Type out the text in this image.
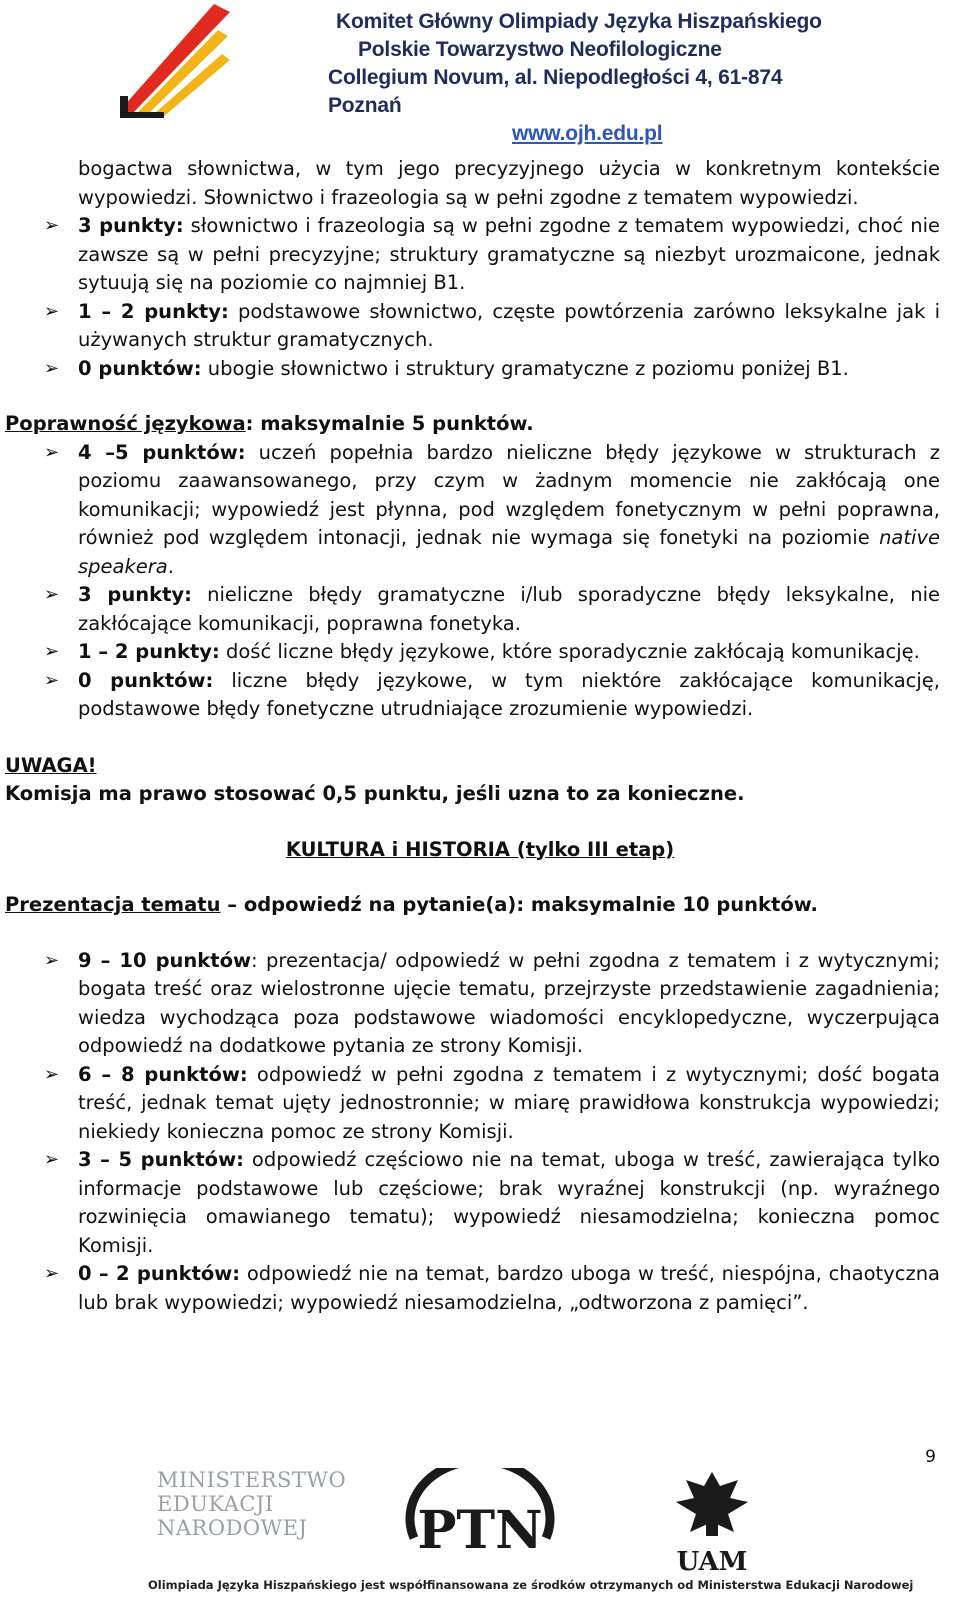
Komitet Główny Olimpiady Języka Hiszpańskiego
Polskie Towarzystwo Neofilologiczne
Collegium Novum, al. Niepodległości 4, 61-874 Poznań
www.ojh.edu.pl

bogactwa słownictwa, w tym jego precyzyjnego użycia w konkretnym kontekście wypowiedzi. Słownictwo i frazeologia są w pełni zgodne z tematem wypowiedzi.

➢ 3 punkty: słownictwo i frazeologia są w pełni zgodne z tematem wypowiedzi, choć nie zawsze są w pełni precyzyjne; struktury gramatyczne są niezbyt urozmaicone, jednak sytuują się na poziomie co najmniej B1.
➢ 1 – 2 punkty: podstawowe słownictwo, częste powtórzenia zarówno leksykalne jak i używanych struktur gramatycznych.
➢ 0 punktów: ubogie słownictwo i struktury gramatyczne z poziomu poniżej B1.
Poprawność językowa: maksymalnie 5 punktów.
➢ 4 –5 punktów: uczeń popełnia bardzo nieliczne błędy językowe w strukturach z poziomu zaawansowanego, przy czym w żadnym momencie nie zakłócają one komunikacji; wypowiedź jest płynna, pod względem fonetycznym w pełni poprawna, również pod względem intonacji, jednak nie wymaga się fonetyki na poziomie native speakera.
➢ 3 punkty: nieliczne błędy gramatyczne i/lub sporadyczne błędy leksykalne, nie zakłócające komunikacji, poprawna fonetyka.
➢ 1 – 2 punkty: dość liczne błędy językowe, które sporadycznie zakłócają komunikację.
➢ 0 punktów: liczne błędy językowe, w tym niektóre zakłócające komunikację, podstawowe błędy fonetyczne utrudniające zrozumienie wypowiedzi.
UWAGA!
Komisja ma prawo stosować 0,5 punktu, jeśli uzna to za konieczne.
KULTURA i HISTORIA (tylko III etap)
Prezentacja tematu – odpowiedź na pytanie(a): maksymalnie 10 punktów.
➢ 9 – 10 punktów: prezentacja/ odpowiedź w pełni zgodna z tematem i z wytycznymi; bogata treść oraz wielostronne ujęcie tematu, przejrzyste przedstawienie zagadnienia; wiedza wychodząca poza podstawowe wiadomości encyklopedyczne, wyczerpująca odpowiedź na dodatkowe pytania ze strony Komisji.
➢ 6 – 8 punktów: odpowiedź w pełni zgodna z tematem i z wytycznymi; dość bogata treść, jednak temat ujęty jednostronnie; w miarę prawidłowa konstrukcja wypowiedzi; niekiedy konieczna pomoc ze strony Komisji.
➢ 3 – 5 punktów: odpowiedź częściowo nie na temat, uboga w treść, zawierająca tylko informacje podstawowe lub częściowe; brak wyraźnej konstrukcji (np. wyraźnego rozwinięcia omawianego tematu); wypowiedź niesamodzielna; konieczna pomoc Komisji.
➢ 0 – 2 punktów: odpowiedź nie na temat, bardzo uboga w treść, niespójna, chaotyczna lub brak wypowiedzi; wypowiedź niesamodzielna, „odtworzona z pamięci”.
9
MINISTERSTWO
EDUKACJI
NARODOWEJ	PTN
UAM
Olimpiada Języka Hiszpańskiego jest współfinansowana ze środków otrzymanych od Ministerstwa Edukacji Narodowej
